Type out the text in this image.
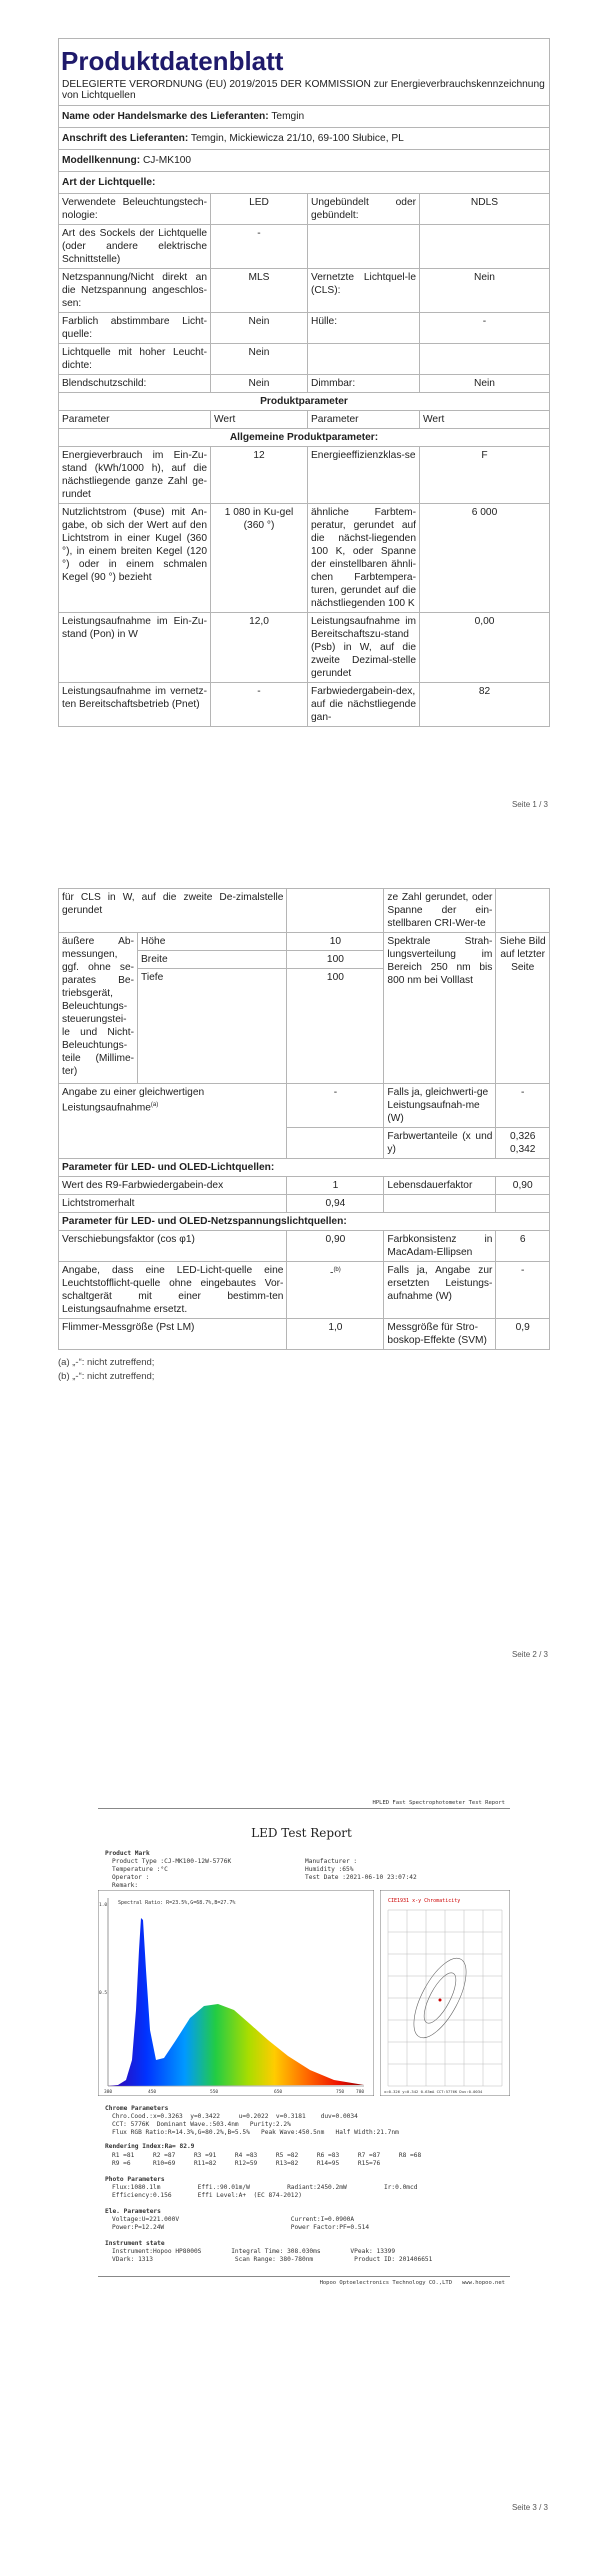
Produktdatenblatt
DELEGIERTE VERORDNUNG (EU) 2019/2015 DER KOMMISSION zur Energieverbrauchskennzeichnung von Lichtquellen
Name oder Handelsmarke des Lieferanten: Temgin			
Anschrift des Lieferanten: Temgin, Mickiewicza 21/10, 69-100 Słubice, PL			
Modellkennung: CJ-MK100			
Art der Lichtquelle:			
Verwendete Beleuchtungstech-nologie:	LED	Ungebündelt oder gebündelt:	NDLS
Art des Sockels der Lichtquelle (oder andere elektrische Schnittstelle)	-		
Netzspannung/Nicht direkt an die Netzspannung angeschlos-sen:	MLS	Vernetzte Lichtquel-le (CLS):	Nein
Farblich abstimmbare Licht-quelle:	Nein	Hülle:	-
Lichtquelle mit hoher Leucht-dichte:	Nein		
Blendschutzschild:	Nein	Dimmbar:	Nein
Produktparameter			
Parameter	Wert	Parameter	Wert
Allgemeine Produktparameter:			
Energieverbrauch im Ein-Zu-stand (kWh/1000 h), auf die nächstliegende ganze Zahl ge-rundet	12	Energieeffizienzklas-se	F
Nutzlichtstrom (Φuse) mit An-gabe, ob sich der Wert auf den Lichtstrom in einer Kugel (360 °), in einem breiten Kegel (120 °) oder in einem schmalen Kegel (90 °) bezieht	1 080 in Ku-gel (360 °)	ähnliche Farbtem-peratur, gerundet auf die nächst-liegenden 100 K, oder Spanne der einstellbaren ähnli-chen Farbtempera-turen, gerundet auf die nächstliegenden 100 K	6 000
Leistungsaufnahme im Ein-Zu-stand (Pon) in W	12,0	Leistungsaufnahme im Bereitschaftszu-stand (Psb) in W, auf die zweite Dezimal-stelle gerundet	0,00
Leistungsaufnahme im vernetz-ten Bereitschaftsbetrieb (Pnet)	-	Farbwiedergabein-dex, auf die nächstliegende gan-	82
Seite 1 / 3
für CLS in W, auf die zweite De-zimalstelle gerundet			ze Zahl gerundet, oder Spanne der ein-stellbaren CRI-Wer-te	
äußere Ab-messungen, ggf. ohne se-parates Be-triebsgerät, Beleuchtungs-steuerungstei-le und Nicht-Beleuchtungs-teile (Millime-ter)	Höhe	10	Spektrale Strah-lungsverteilung im Bereich 250 nm bis 800 nm bei Volllast	Siehe Bild auf letzter Seite
	Breite	100		
	Tiefe	100		
Angabe zu einer gleichwertigen Leistungsaufnahme$^{(a)}$		-	Falls ja, gleichwerti-ge Leistungsaufnah-me (W)	-
			Farbwertanteile (x und y)	0,326
0,342

Parameter für LED- und OLED-Lichtquellen:				
Wert des R9-Farbwiedergabein-dex		1	Lebensdauerfaktor	0,90
Lichtstromerhalt		0,94		
Parameter für LED- und OLED-Netzspannungslichtquellen:				
Verschiebungsfaktor (cos φ1)		0,90	Farbkonsistenz in MacAdam-Ellipsen	6
Angabe, dass eine LED-Licht-quelle eine Leuchtstofflicht-quelle ohne eingebautes Vor-schaltgerät mit einer bestimm-ten Leistungsaufnahme ersetzt.		-$^{(b)}$	Falls ja, Angabe zur ersetzten Leistungs-aufnahme (W)	-
Flimmer-Messgröße (Pst LM)		1,0	Messgröße für Stro-boskop-Effekte (SVM)	0,9
(a) „-“: nicht zutreffend;
(b) „-“: nicht zutreffend;
Seite 2 / 3
HPLED Fast Spectrophotometer Test Report
LED Test Report
Product Mark
Product Type :CJ-MK100-12W-5776K
Temperature :°C
Operator :
Remark:
Manufacturer :
Humidity :65%
Test Date :2021-06-10 23:07:42
Spectral Ratio: R=23.5%,G=68.7%,B=27.7%
1.0
0.5
380	450	550	650	750	780
CIE1931 x-y Chromaticity
x=0.326 y=0.342 0.63mA CCT:5776K Duv:0.0034
Chrome Parameters
Chro.Cood.:x=0.3263  y=0.3422     u=0.2022  v=0.3181    duv=0.0034
CCT: 5776K  Dominant Wave.:503.4nm   Purity:2.2%
Flux RGB Ratio:R=14.3%,G=80.2%,B=5.5%   Peak Wave:450.5nm   Half Width:21.7nm
Rendering Index:Ra= 82.9
R1 =81     R2 =87     R3 =91     R4 =83     R5 =82     R6 =83     R7 =87     R8 =68
R9 =6      R10=69     R11=82     R12=59     R13=82     R14=95     R15=76
Photo Parameters
Flux:1080.1lm          Effi.:90.01m/W          Radiant:2450.2mW          Ir:0.0mcd
Efficiency:0.156       Effi Level:A+  (EC 874-2012)
Ele. Parameters
Voltage:U=221.000V                              Current:I=0.0900A
Power:P=12.24W                                  Power Factor:PF=0.514
Instrument state
Instrument:Hopoo HP8000S        Integral Time: 308.030ms        VPeak: 13399
VDark: 1313                      Scan Range: 380-780nm           Product ID: 201406651
Hopoo Optoelectronics Technology CO.,LTD   www.hopoo.net
Seite 3 / 3
